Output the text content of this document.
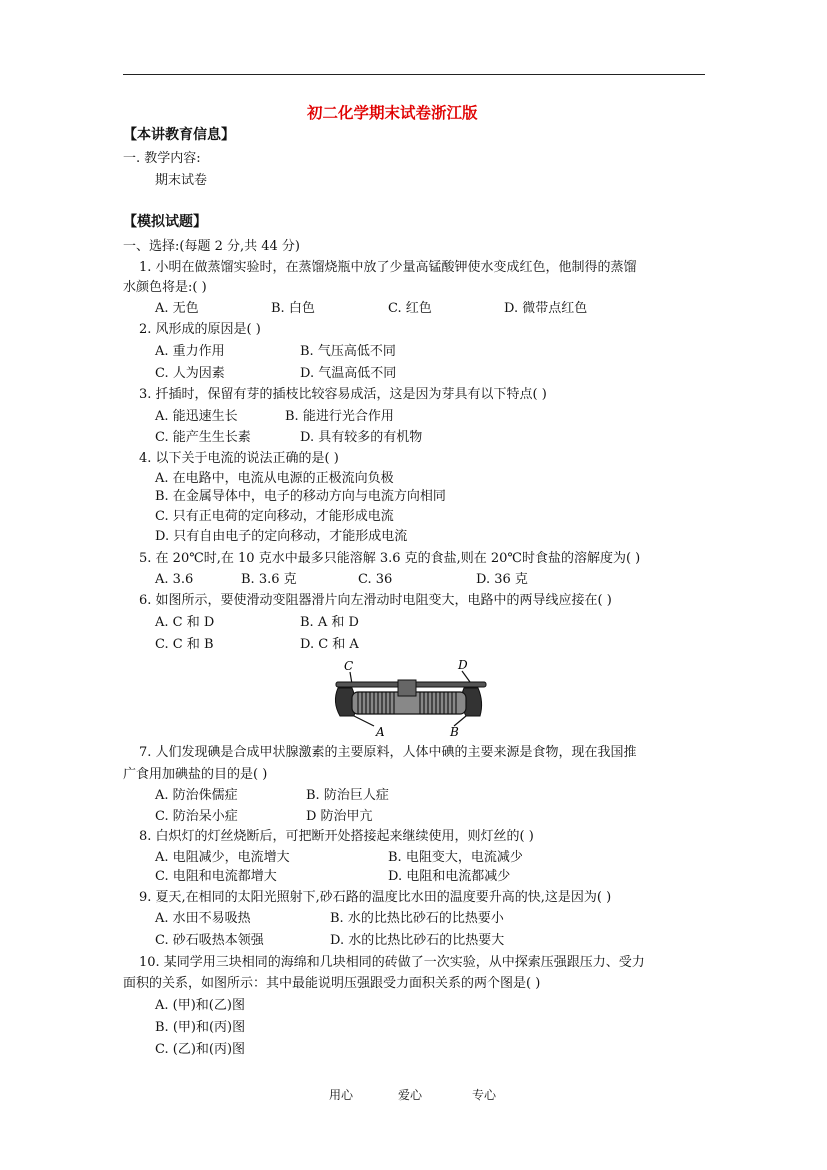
初二化学期末试卷浙江版
【本讲教育信息】
一. 教学内容:
期末试卷
【模拟试题】
一、选择:(每题 2 分,共 44 分)
1. 小明在做蒸馏实验时，在蒸馏烧瓶中放了少量高锰酸钾使水变成红色，他制得的蒸馏
水颜色将是:( )
A. 无色	B. 白色	C. 红色	D. 微带点红色
2. 风形成的原因是( )
A. 重力作用	B. 气压高低不同
C. 人为因素	D. 气温高低不同
3. 扦插时，保留有芽的插枝比较容易成活，这是因为芽具有以下特点( )
A. 能迅速生长	B. 能进行光合作用
C. 能产生生长素	D. 具有较多的有机物
4. 以下关于电流的说法正确的是( )
A. 在电路中，电流从电源的正极流向负极
B. 在金属导体中，电子的移动方向与电流方向相同
C. 只有正电荷的定向移动，才能形成电流
D. 只有自由电子的定向移动，才能形成电流
5. 在 20℃时,在 10 克水中最多只能溶解 3.6 克的食盐,则在 20℃时食盐的溶解度为( )
A. 3.6	B. 3.6 克	C. 36	D. 36 克
6. 如图所示，要使滑动变阻器滑片向左滑动时电阻变大，电路中的两导线应接在( )
A. C 和 D	B. A 和 D
C. C 和 B	D. C 和 A
C	D
A	B
7. 人们发现碘是合成甲状腺激素的主要原料，人体中碘的主要来源是食物，现在我国推
广食用加碘盐的目的是( )
A. 防治侏儒症	B. 防治巨人症
C. 防治呆小症	D 防治甲亢
8. 白炽灯的灯丝烧断后，可把断开处搭接起来继续使用，则灯丝的( )
A. 电阻减少，电流增大	B. 电阻变大，电流减少
C. 电阻和电流都增大	D. 电阻和电流都减少
9. 夏天,在相同的太阳光照射下,砂石路的温度比水田的温度要升高的快,这是因为( )
A. 水田不易吸热	B. 水的比热比砂石的比热要小
C. 砂石吸热本领强	D. 水的比热比砂石的比热要大
10. 某同学用三块相同的海绵和几块相同的砖做了一次实验，从中探索压强跟压力、受力
面积的关系，如图所示：其中最能说明压强跟受力面积关系的两个图是( )
A. (甲)和(乙)图
B. (甲)和(丙)图
C. (乙)和(丙)图
用心	爱心	专心
